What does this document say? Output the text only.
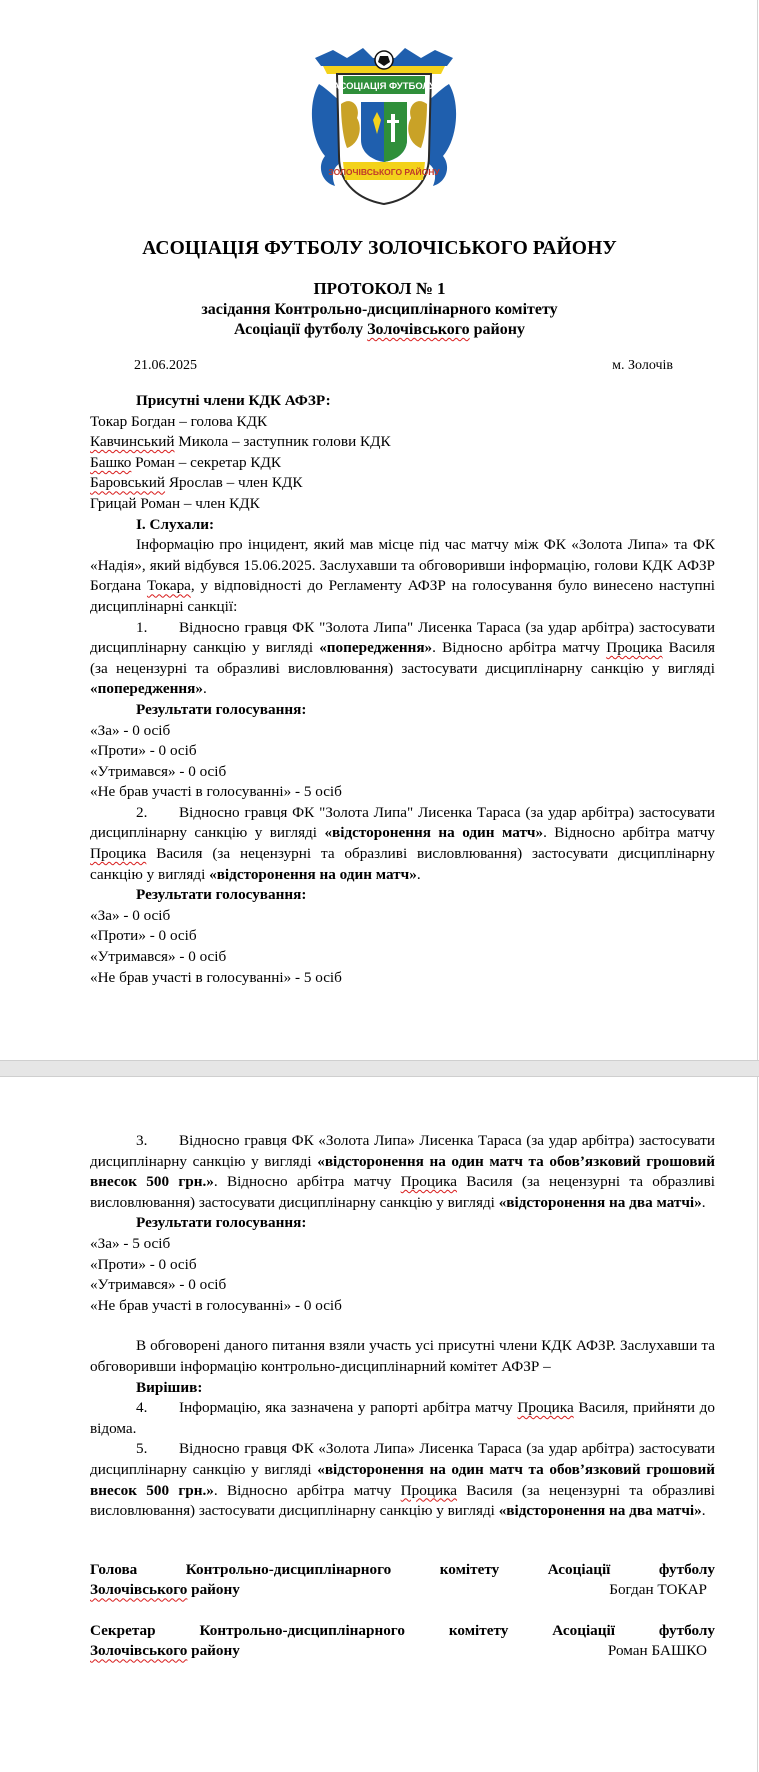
АСОЦІАЦІЯ ФУТБОЛУ
ЗОЛОЧІВСЬКОГО РАЙОНУ
АСОЦІАЦІЯ ФУТБОЛУ ЗОЛОЧІСЬКОГО РАЙОНУ
ПРОТОКОЛ № 1
засідання Контрольно-дисциплінарного комітету
Асоціації футболу Золочівського району
21.06.2025	м. Золочів

Присутні члени КДК АФЗР:

Токар Богдан – голова КДК

Кавчинський Микола – заступник голови КДК

Башко Роман – секретар КДК

Баровський Ярослав – член КДК

Грицай Роман – член КДК

I. Слухали:

Інформацію про інцидент, який мав місце під час матчу між ФК «Золота Липа» та ФК «Надія», який відбувся 15.06.2025. Заслухавши та обговоривши інформацію, голови КДК АФЗР Богдана Токара, у відповідності до Регламенту АФЗР на голосування було винесено наступні дисциплінарні санкції:

1. Відносно гравця ФК "Золота Липа" Лисенка Тараса (за удар арбітра) застосувати дисциплінарну санкцію у вигляді «попередження». Відносно арбітра матчу Процика Василя (за нецензурні та образливі висловлювання) застосувати дисциплінарну санкцію у вигляді «попередження».

Результати голосування:

«За» - 0 осіб

«Проти» - 0 осіб

«Утримався» - 0 осіб

«Не брав участі в голосуванні» - 5 осіб

2. Відносно гравця ФК "Золота Липа" Лисенка Тараса (за удар арбітра) застосувати дисциплінарну санкцію у вигляді «відсторонення на один матч». Відносно арбітра матчу Процика Василя (за нецензурні та образливі висловлювання) застосувати дисциплінарну санкцію у вигляді «відсторонення на один матч».

Результати голосування:

«За» - 0 осіб

«Проти» - 0 осіб

«Утримався» - 0 осіб

«Не брав участі в голосуванні» - 5 осіб

3. Відносно гравця ФК «Золота Липа» Лисенка Тараса (за удар арбітра) застосувати дисциплінарну санкцію у вигляді «відсторонення на один матч та обов’язковий грошовий внесок 500 грн.». Відносно арбітра матчу Процика Василя (за нецензурні та образливі висловлювання) застосувати дисциплінарну санкцію у вигляді «відсторонення на два матчі».

Результати голосування:

«За» - 5 осіб

«Проти» - 0 осіб

«Утримався» - 0 осіб

«Не брав участі в голосуванні» - 0 осіб

В обговорені даного питання взяли участь усі присутні члени КДК АФЗР. Заслухавши та обговоривши інформацію контрольно-дисциплінарний комітет АФЗР –

Вирішив:

4. Інформацію, яка зазначена у рапорті арбітра матчу Процика Василя, прийняти до відома.

5. Відносно гравця ФК «Золота Липа» Лисенка Тараса (за удар арбітра) застосувати дисциплінарну санкцію у вигляді «відсторонення на один матч та обов’язковий грошовий внесок 500 грн.». Відносно арбітра матчу Процика Василя (за нецензурні та образливі висловлювання) застосувати дисциплінарну санкцію у вигляді «відсторонення на два матчі».

Голова Контрольно-дисциплінарного комітету Асоціації футболу

Золочівського району	Богдан ТОКАР

Секретар Контрольно-дисциплінарного комітету Асоціації футболу

Золочівського району	Роман БАШКО
